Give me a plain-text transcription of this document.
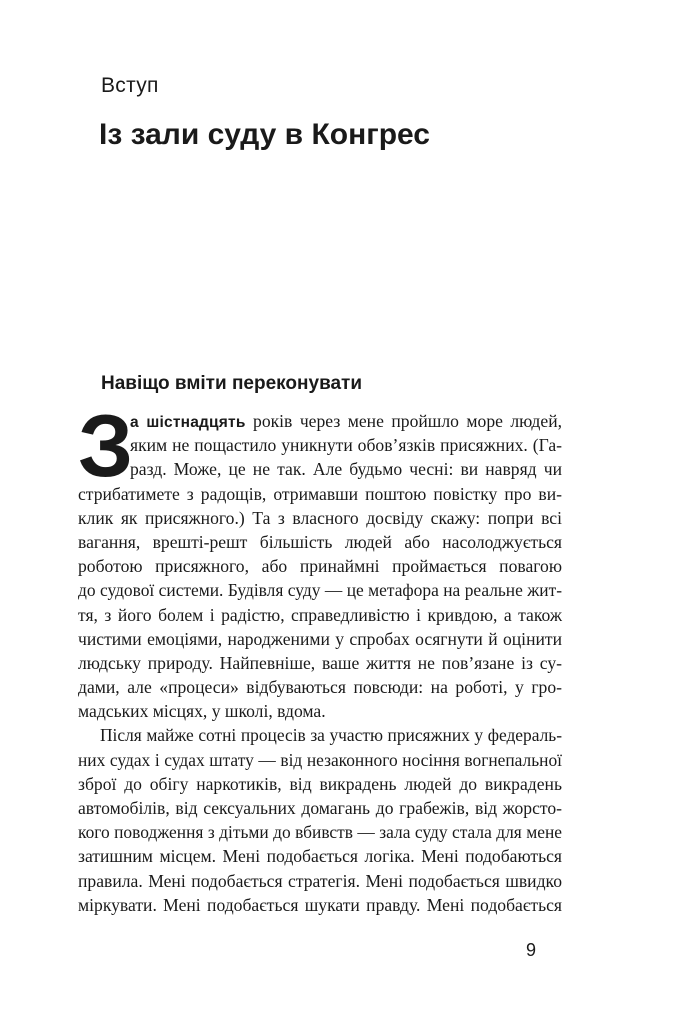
Вступ

Із зали суду в Конгрес
Навіщо вміти переконувати
З
а шістнадцять років через мене пройшло море людей,
яким не пощастило уникнути обов’язків присяжних. (Га-
разд. Може, це не так. Але будьмо чесні: ви навряд чи
стрибатимете з радощів, отримавши поштою повістку про ви-
клик як присяжного.) Та з власного досвіду скажу: попри всі
вагання, врешті-решт більшість людей або насолоджується
роботою присяжного, або принаймні проймається повагою
до судової системи. Будівля суду — це метафора на реальне жит-
тя, з його болем і радістю, справедливістю і кривдою, а також
чистими емоціями, народженими у спробах осягнути й оцінити
людську природу. Найпевніше, ваше життя не пов’язане із су-
дами, але «процеси» відбуваються повсюди: на роботі, у гро-
мадських місцях, у школі, вдома.
Після майже сотні процесів за участю присяжних у федераль-
них судах і судах штату — від незаконного носіння вогнепальної
зброї до обігу наркотиків, від викрадень людей до викрадень
автомобілів, від сексуальних домагань до грабежів, від жорсто-
кого поводження з дітьми до вбивств — зала суду стала для мене
затишним місцем. Мені подобається логіка. Мені подобаються
правила. Мені подобається стратегія. Мені подобається швидко
міркувати. Мені подобається шукати правду. Мені подобається

9
